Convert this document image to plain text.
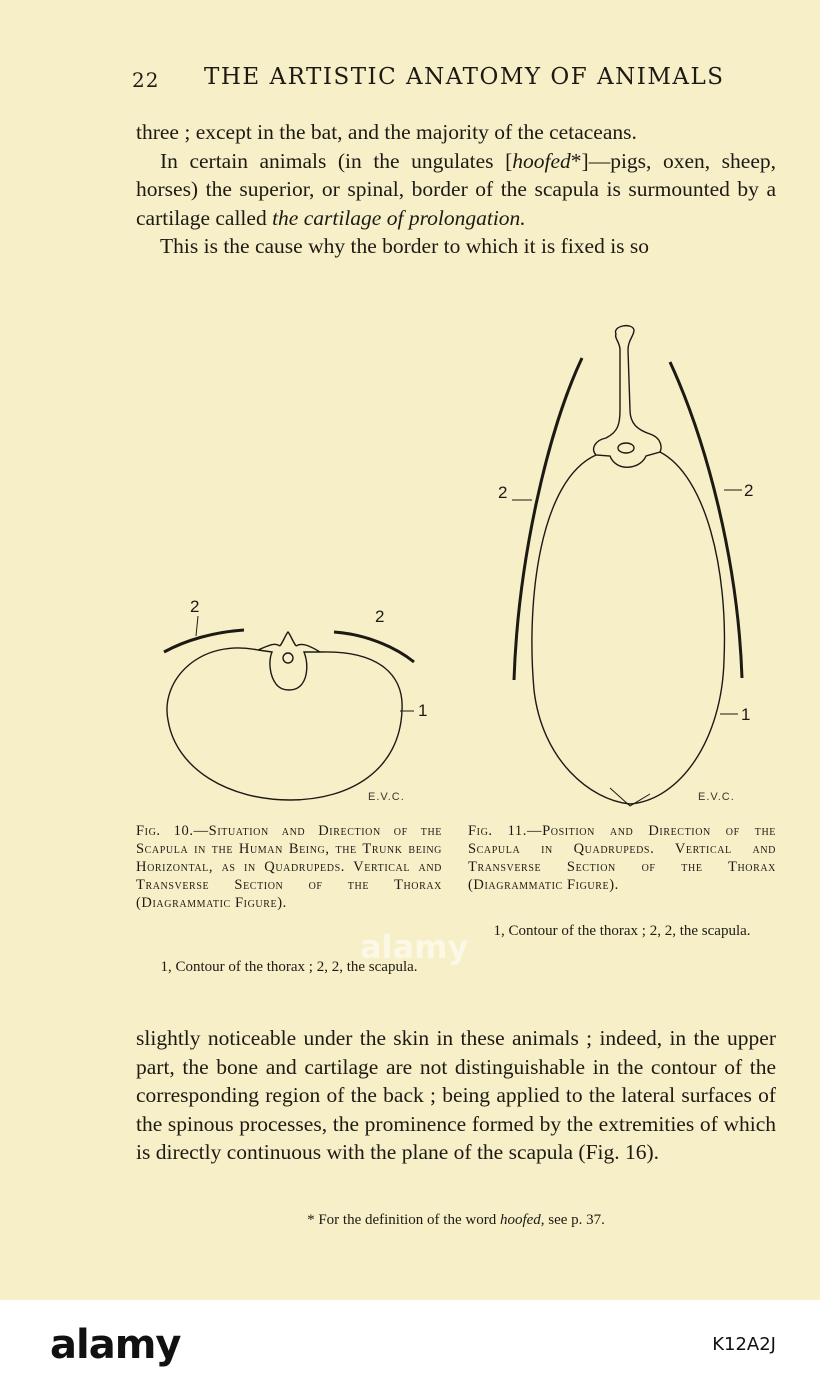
22 THE ARTISTIC ANATOMY OF ANIMALS

three ; except in the bat, and the majority of the cetaceans.

In certain animals (in the ungulates [hoofed*]—pigs, oxen, sheep, horses) the superior, or spinal, border of the scapula is surmounted by a cartilage called the cartilage of prolongation.

This is the cause why the border to which it is fixed is so

2
2
1
E.V.C.
2	2
1
E.V.C.
alamy
Fig. 10.—Situation and Direction of the Scapula in the Human Being, the Trunk being Horizontal, as in Quadrupeds. Vertical and Transverse Section of the Thorax (Diagrammatic Figure).
1, Contour of the thorax ; 2, 2, the scapula.
Fig. 11.—Position and Direction of the Scapula in Quadrupeds. Vertical and Transverse Section of the Thorax (Diagrammatic Figure).
1, Contour of the thorax ; 2, 2, the scapula.

slightly noticeable under the skin in these animals ; indeed, in the upper part, the bone and cartilage are not distinguishable in the contour of the corresponding region of the back ; being applied to the lateral surfaces of the spinous processes, the prominence formed by the extremities of which is directly continuous with the plane of the scapula (Fig. 16).

* For the definition of the word hoofed, see p. 37.
alamy	K12A2J
